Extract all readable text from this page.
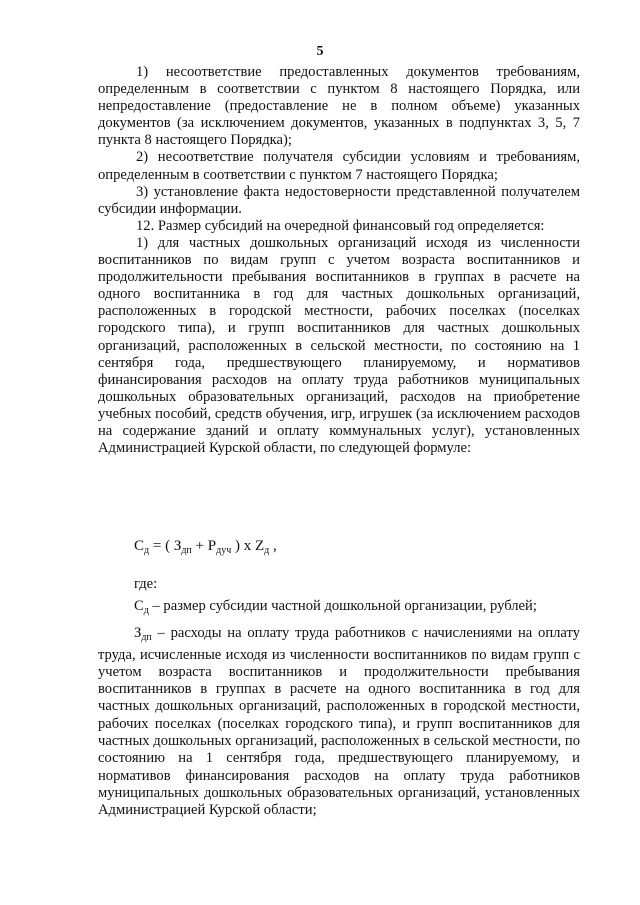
5

1) несоответствие предоставленных документов требованиям, определенным в соответствии с пунктом 8 настоящего Порядка, или непредоставление (предоставление не в полном объеме) указанных документов (за исключением документов, указанных в подпунктах 3, 5, 7 пункта 8 настоящего Порядка);

2) несоответствие получателя субсидии условиям и требованиям, определенным в соответствии с пунктом 7 настоящего Порядка;

3) установление факта недостоверности представленной получателем субсидии информации.

12. Размер субсидий на очередной финансовый год определяется:

1) для частных дошкольных организаций исходя из численности воспитанников по видам групп с учетом возраста воспитанников и продолжительности пребывания воспитанников в группах в расчете на одного воспитанника в год для частных дошкольных организаций, расположенных в городской местности, рабочих поселках (поселках городского типа), и групп воспитанников для частных дошкольных организаций, расположенных в сельской местности, по состоянию на 1 сентября года, предшествующего планируемому, и нормативов финансирования расходов на оплату труда работников муниципальных дошкольных образовательных организаций, расходов на приобретение учебных пособий, средств обучения, игр, игрушек (за исключением расходов на содержание зданий и оплату коммунальных услуг), установленных Администрацией Курской области, по следующей формуле:

$С_д$ = ( $З_{дп} + Р_{дуч}$ ) х $Z_д$ ,
где:

$С_д$ – размер субсидии частной дошкольной организации, рублей;

$З_{дп}$ – расходы на оплату труда работников с начислениями на оплату труда, исчисленные исходя из численности воспитанников по видам групп с учетом возраста воспитанников и продолжительности пребывания воспитанников в группах в расчете на одного воспитанника в год для частных дошкольных организаций, расположенных в городской местности, рабочих поселках (поселках городского типа), и групп воспитанников для частных дошкольных организаций, расположенных в сельской местности, по состоянию на 1 сентября года, предшествующего планируемому, и нормативов финансирования расходов на оплату труда работников муниципальных дошкольных образовательных организаций, установленных Администрацией Курской области;
